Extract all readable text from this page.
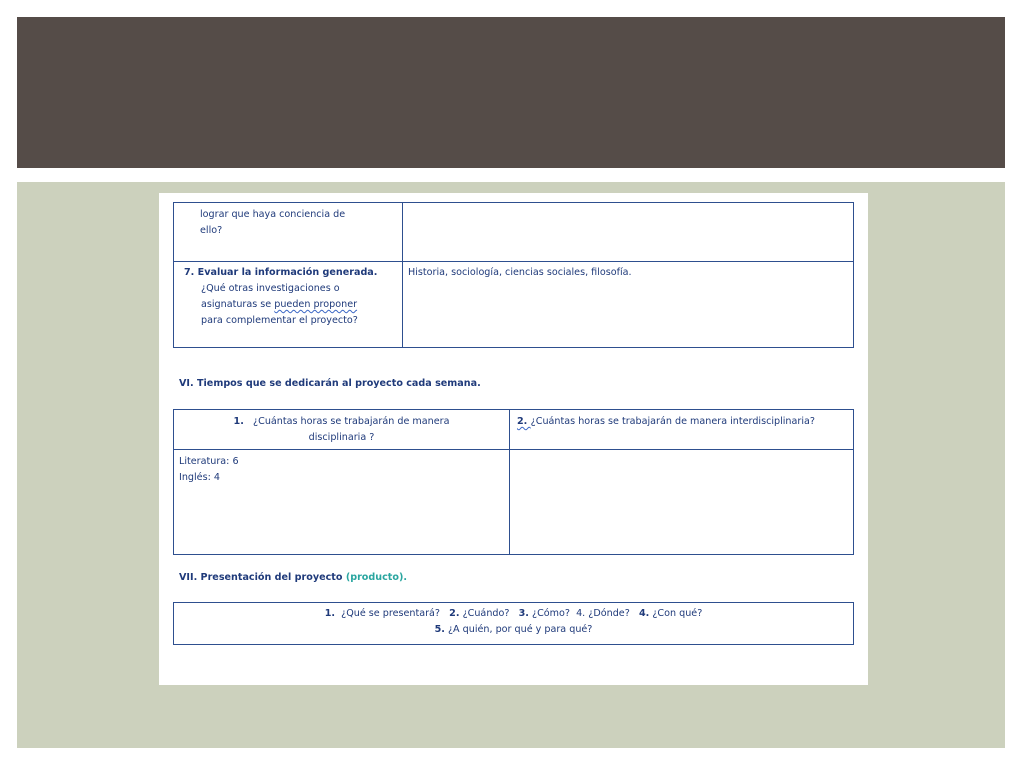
lograr que haya conciencia de
ello?
7. Evaluar la información generada.
¿Qué otras investigaciones o
asignaturas se pueden proponer
para complementar el proyecto?
Historia, sociología, ciencias sociales, filosofía.
VI. Tiempos que se dedicarán al proyecto cada semana.
1. ¿Cuántas horas se trabajarán de manera
disciplinaria ?
2. ¿Cuántas horas se trabajarán de manera interdisciplinaria?
Literatura: 6
Inglés: 4
VII. Presentación del proyecto (producto).
1. ¿Qué se presentará? 2. ¿Cuándo? 3. ¿Cómo? 4. ¿Dónde? 4. ¿Con qué?
5. ¿A quién, por qué y para qué?
